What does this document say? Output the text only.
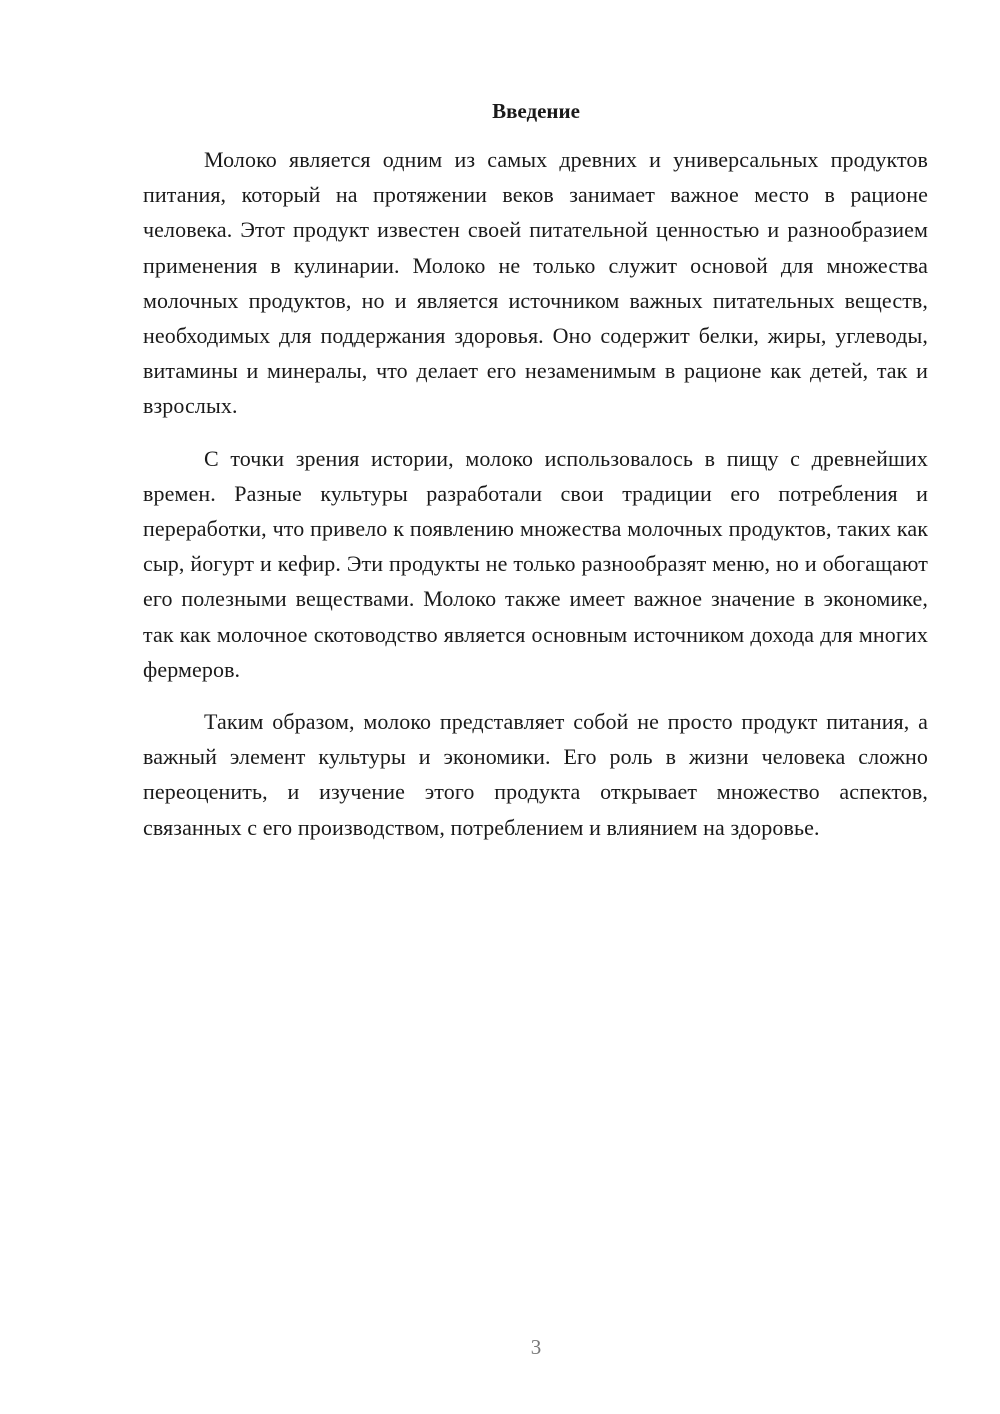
Введение

Молоко является одним из самых древних и универсальных продуктов питания, который на протяжении веков занимает важное место в рационе человека. Этот продукт известен своей питательной ценностью и разнообразием применения в кулинарии. Молоко не только служит основой для множества молочных продуктов, но и является источником важных питательных веществ, необходимых для поддержания здоровья. Оно содержит белки, жиры, углеводы, витамины и минералы, что делает его незаменимым в рационе как детей, так и взрослых.

С точки зрения истории, молоко использовалось в пищу с древнейших времен. Разные культуры разработали свои традиции его потребления и переработки, что привело к появлению множества молочных продуктов, таких как сыр, йогурт и кефир. Эти продукты не только разнообразят меню, но и обогащают его полезными веществами. Молоко также имеет важное значение в экономике, так как молочное скотоводство является основным источником дохода для многих фермеров.

Таким образом, молоко представляет собой не просто продукт питания, а важный элемент культуры и экономики. Его роль в жизни человека сложно переоценить, и изучение этого продукта открывает множество аспектов, связанных с его производством, потреблением и влиянием на здоровье.

3
